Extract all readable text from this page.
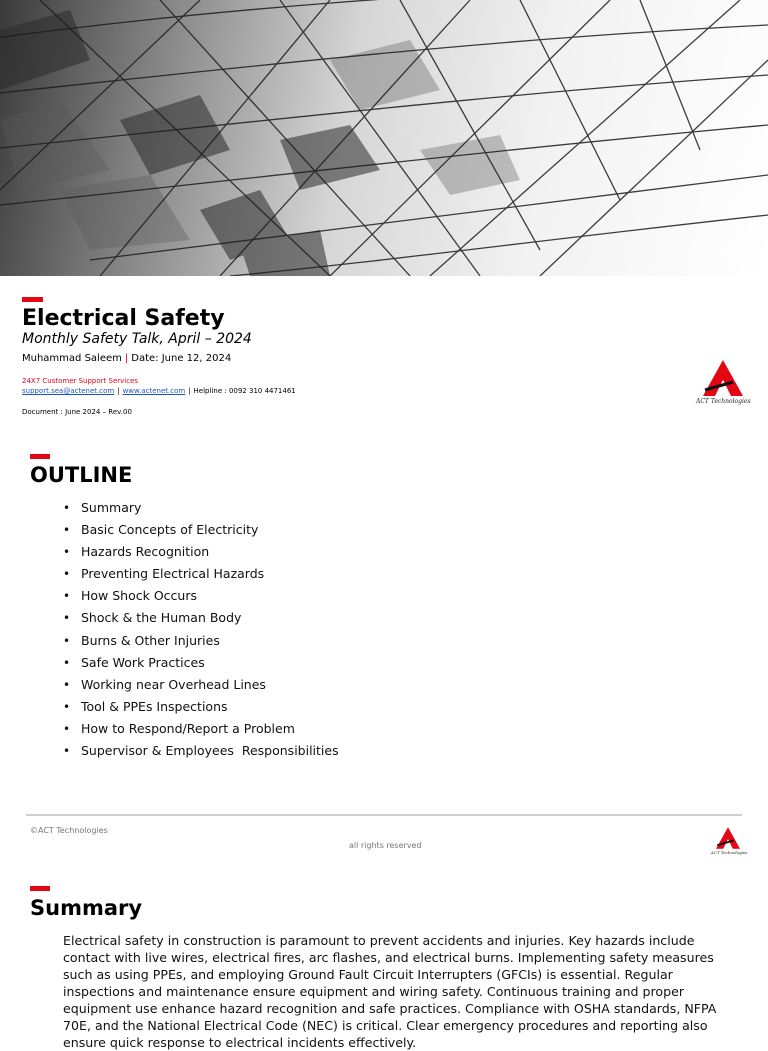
Electrical Safety
Monthly Safety Talk, April – 2024
Muhammad Saleem | Date: June 12, 2024
24X7 Customer Support Services
support.sea@actenet.com | www.actenet.com | Helpline : 0092 310 4471461
Document : June 2024 – Rev.00
ACT Technologies
OUTLINE
• Summary
• Basic Concepts of Electricity
• Hazards Recognition
• Preventing Electrical Hazards
• How Shock Occurs
• Shock & the Human Body
• Burns & Other Injuries
• Safe Work Practices
• Working near Overhead Lines
• Tool & PPEs Inspections
• How to Respond/Report a Problem
• Supervisor & Employees  Responsibilities
©ACT Technologies
all rights reserved
ACT Technologies
Summary
Electrical safety in construction is paramount to prevent accidents and injuries. Key hazards include contact with live wires, electrical fires, arc flashes, and electrical burns. Implementing safety measures such as using PPEs, and employing Ground Fault Circuit Interrupters (GFCIs) is essential. Regular inspections and maintenance ensure equipment and wiring safety. Continuous training and proper equipment use enhance hazard recognition and safe practices. Compliance with OSHA standards, NFPA 70E, and the National Electrical Code (NEC) is critical. Clear emergency procedures and reporting also ensure quick response to electrical incidents effectively.
